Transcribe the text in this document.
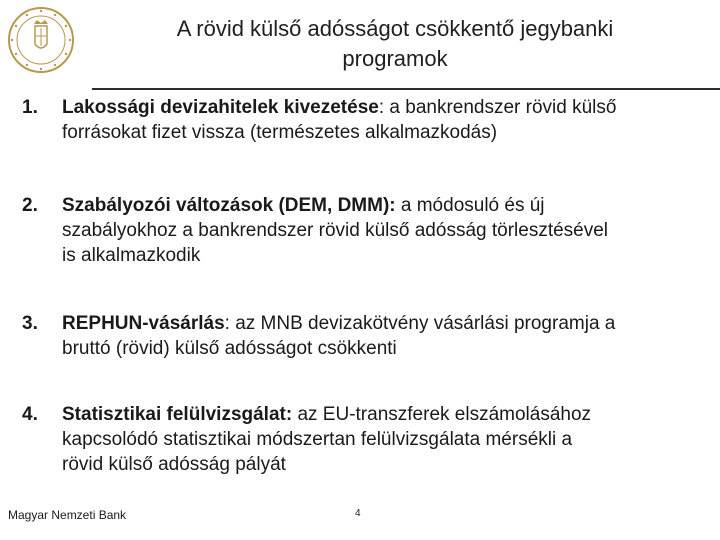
A rövid külső adósságot csökkentő jegybanki
programok
1. Lakossági devizahitelek kivezetése: a bankrendszer rövid külső
forrásokat fizet vissza (természetes alkalmazkodás)
2. Szabályozói változások (DEM, DMM): a módosuló és új
szabályokhoz a bankrendszer rövid külső adósság törlesztésével
is alkalmazkodik
3. REPHUN-vásárlás: az MNB devizakötvény vásárlási programja a
bruttó (rövid) külső adósságot csökkenti
4. Statisztikai felülvizsgálat: az EU-transzferek elszámolásához
kapcsolódó statisztikai módszertan felülvizsgálata mérsékli a
rövid külső adósság pályát
Magyar Nemzeti Bank	4
